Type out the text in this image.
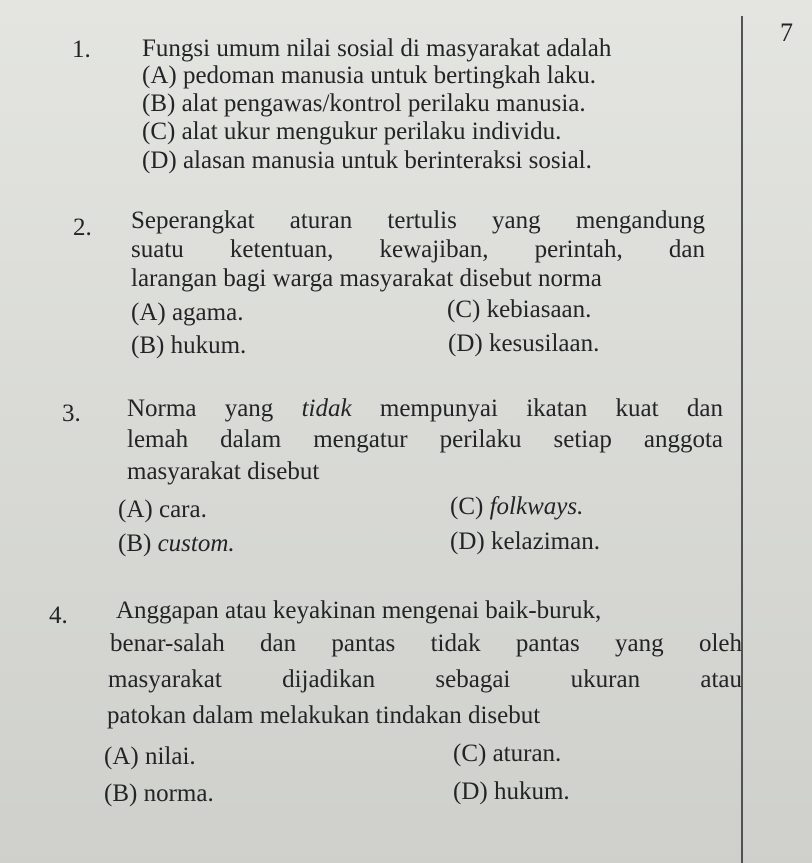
7
1. Fungsi umum nilai sosial di masyarakat adalah
(A) pedoman manusia untuk bertingkah laku.
(B) alat pengawas/kontrol perilaku manusia.
(C) alat ukur mengukur perilaku individu.
(D) alasan manusia untuk berinteraksi sosial.
2. Seperangkat aturan tertulis yang mengandung
suatu ketentuan, kewajiban, perintah, dan
larangan bagi warga masyarakat disebut norma
(A) agama.
(B) hukum.
(C) kebiasaan.
(D) kesusilaan.
3. Norma yang tidak mempunyai ikatan kuat dan
lemah dalam mengatur perilaku setiap anggota
masyarakat disebut
(A) cara.
(B) custom.
(C) folkways.
(D) kelaziman.
4. Anggapan atau keyakinan mengenai baik-buruk,
benar-salah dan pantas tidak pantas yang oleh
masyarakat dijadikan sebagai ukuran atau
patokan dalam melakukan tindakan disebut
(A) nilai.
(B) norma.
(C) aturan.
(D) hukum.
